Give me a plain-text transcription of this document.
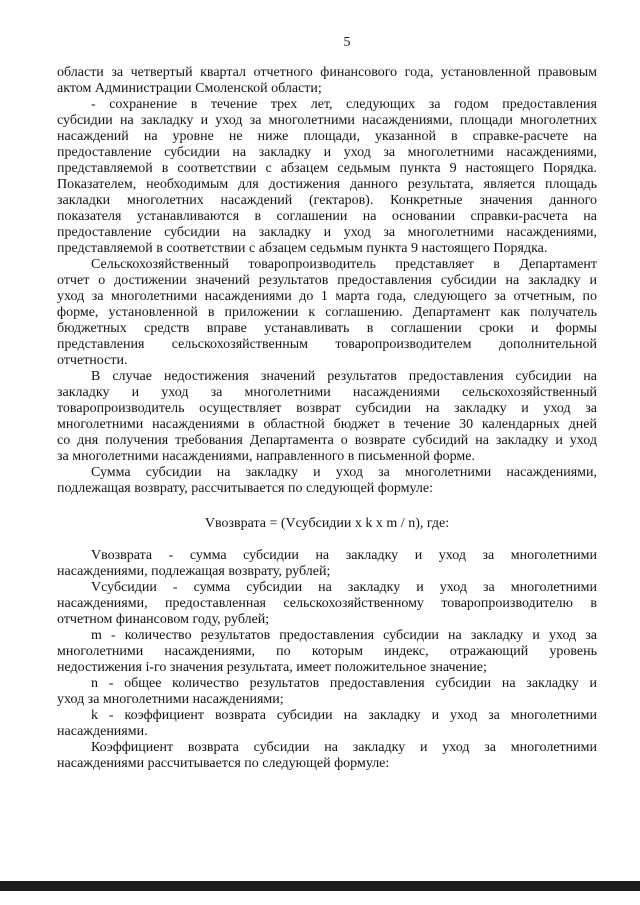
5
области за четвертый квартал отчетного финансового года, установленной правовым
актом Администрации Смоленской области;
- сохранение в течение трех лет, следующих за годом предоставления
субсидии на закладку и уход за многолетними насаждениями, площади многолетних
насаждений на уровне не ниже площади, указанной в справке-расчете на
предоставление субсидии на закладку и уход за многолетними насаждениями,
представляемой в соответствии с абзацем седьмым пункта 9 настоящего Порядка.
Показателем, необходимым для достижения данного результата, является площадь
закладки многолетних насаждений (гектаров). Конкретные значения данного
показателя устанавливаются в соглашении на основании справки-расчета на
предоставление субсидии на закладку и уход за многолетними насаждениями,
представляемой в соответствии с абзацем седьмым пункта 9 настоящего Порядка.
Сельскохозяйственный товаропроизводитель представляет в Департамент
отчет о достижении значений результатов предоставления субсидии на закладку и
уход за многолетними насаждениями до 1 марта года, следующего за отчетным, по
форме, установленной в приложении к соглашению. Департамент как получатель
бюджетных средств вправе устанавливать в соглашении сроки и формы
представления сельскохозяйственным товаропроизводителем дополнительной
отчетности.
В случае недостижения значений результатов предоставления субсидии на
закладку и уход за многолетними насаждениями сельскохозяйственный
товаропроизводитель осуществляет возврат субсидии на закладку и уход за
многолетними насаждениями в областной бюджет в течение 30 календарных дней
со дня получения требования Департамента о возврате субсидий на закладку и уход
за многолетними насаждениями, направленного в письменной форме.
Сумма субсидии на закладку и уход за многолетними насаждениями,
подлежащая возврату, рассчитывается по следующей формуле:
Vвозврата = (Vсубсидии x k x m / n), где:
Vвозврата - сумма субсидии на закладку и уход за многолетними
насаждениями, подлежащая возврату, рублей;
Vсубсидии - сумма субсидии на закладку и уход за многолетними
насаждениями, предоставленная сельскохозяйственному товаропроизводителю в
отчетном финансовом году, рублей;
m - количество результатов предоставления субсидии на закладку и уход за
многолетними насаждениями, по которым индекс, отражающий уровень
недостижения i-го значения результата, имеет положительное значение;
n - общее количество результатов предоставления субсидии на закладку и
уход за многолетними насаждениями;
k - коэффициент возврата субсидии на закладку и уход за многолетними
насаждениями.
Коэффициент возврата субсидии на закладку и уход за многолетними
насаждениями рассчитывается по следующей формуле:
